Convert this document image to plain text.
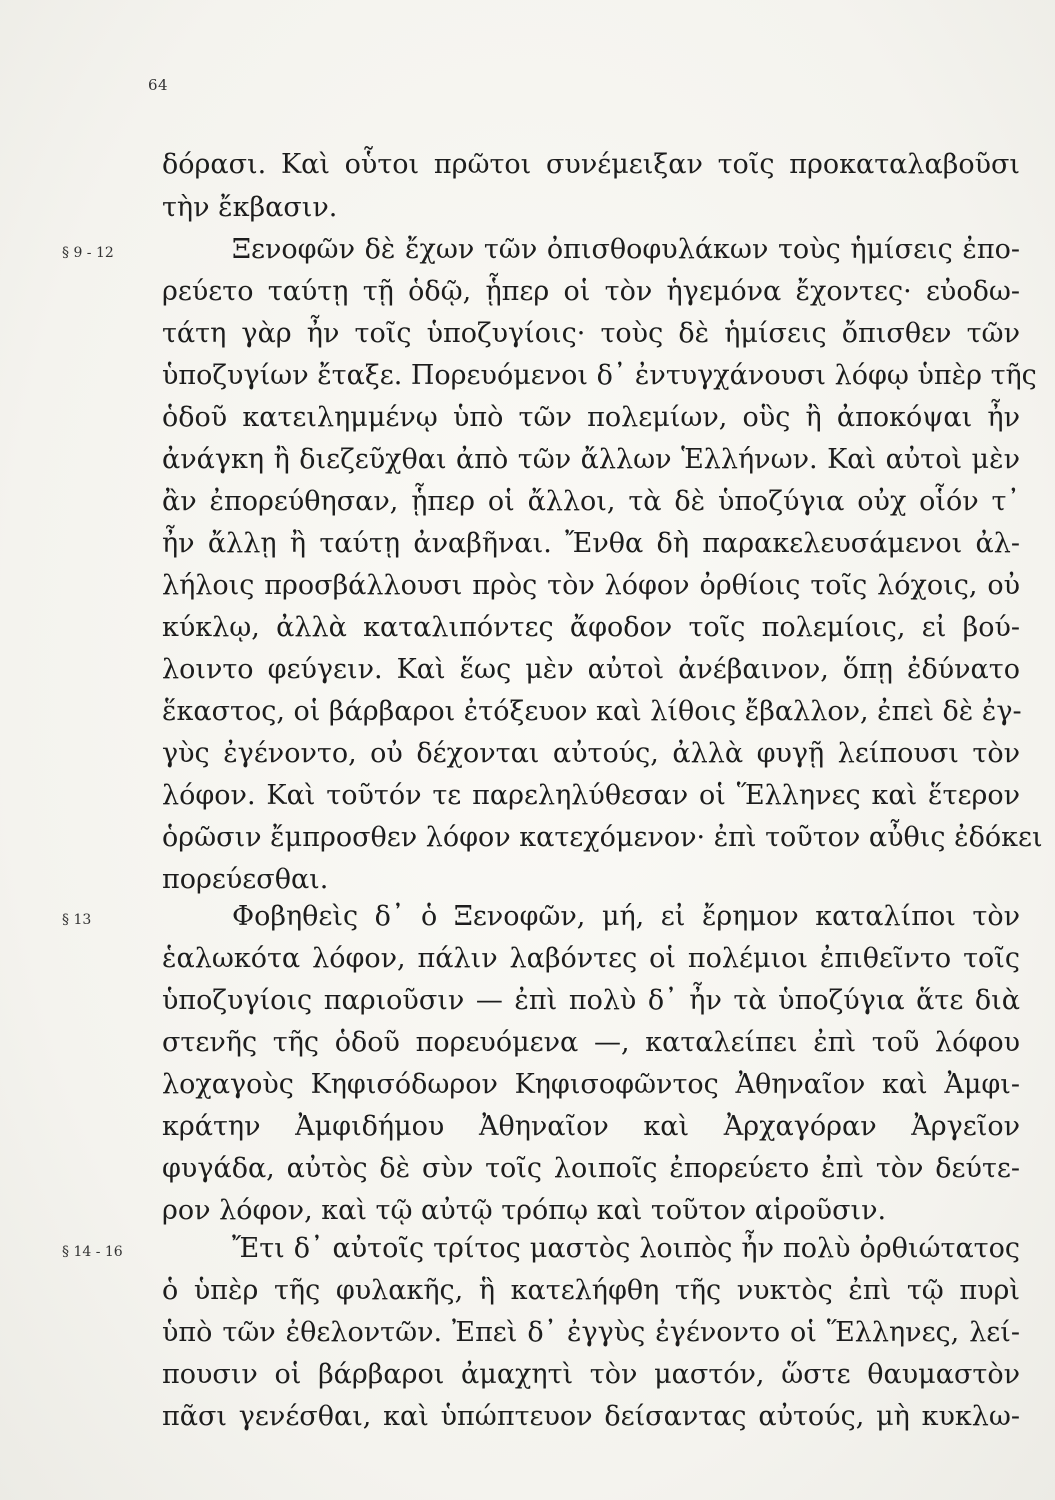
64
§ 9 - 12
§ 13
§ 14 - 16
δόρασι. Καὶ οὗτοι πρῶτοι συνέμειξαν τοῖς προκαταλαβοῦσι
τὴν ἔκβασιν.
Ξενοφῶν δὲ ἔχων τῶν ὀπισθοφυλάκων τοὺς ἡμίσεις ἐπο-
ρεύετο ταύτῃ τῇ ὁδῷ, ᾗπερ οἱ τὸν ἡγεμόνα ἔχοντες· εὐοδω-
τάτη γὰρ ἦν τοῖς ὑποζυγίοις· τοὺς δὲ ἡμίσεις ὄπισθεν τῶν
ὑποζυγίων ἔταξε. Πορευόμενοι δ᾽ ἐντυγχάνουσι λόφῳ ὑπὲρ τῆς
ὁδοῦ κατειλημμένῳ ὑπὸ τῶν πολεμίων, οὓς ἢ ἀποκόψαι ἦν
ἀνάγκη ἢ διεζεῦχθαι ἀπὸ τῶν ἄλλων Ἑλλήνων. Καὶ αὐτοὶ μὲν
ἂν ἐπορεύθησαν, ᾗπερ οἱ ἄλλοι, τὰ δὲ ὑποζύγια οὐχ οἷόν τ᾽
ἦν ἄλλῃ ἢ ταύτῃ ἀναβῆναι. Ἔνθα δὴ παρακελευσάμενοι ἀλ-
λήλοις προσβάλλουσι πρὸς τὸν λόφον ὀρθίοις τοῖς λόχοις, οὐ
κύκλῳ, ἀλλὰ καταλιπόντες ἄφοδον τοῖς πολεμίοις, εἰ βού-
λοιντο φεύγειν. Καὶ ἕως μὲν αὐτοὶ ἀνέβαινον, ὅπῃ ἐδύνατο
ἕκαστος, οἱ βάρβαροι ἐτόξευον καὶ λίθοις ἔβαλλον, ἐπεὶ δὲ ἐγ-
γὺς ἐγένοντο, οὐ δέχονται αὐτούς, ἀλλὰ φυγῇ λείπουσι τὸν
λόφον. Καὶ τοῦτόν τε παρεληλύθεσαν οἱ Ἕλληνες καὶ ἕτερον
ὁρῶσιν ἔμπροσθεν λόφον κατεχόμενον· ἐπὶ τοῦτον αὖθις ἐδόκει
πορεύεσθαι.
Φοβηθεὶς δ᾽ ὁ Ξενοφῶν, μή, εἰ ἔρημον καταλίποι τὸν
ἑαλωκότα λόφον, πάλιν λαβόντες οἱ πολέμιοι ἐπιθεῖντο τοῖς
ὑποζυγίοις παριοῦσιν — ἐπὶ πολὺ δ᾽ ἦν τὰ ὑποζύγια ἅτε διὰ
στενῆς τῆς ὁδοῦ πορευόμενα —, καταλείπει ἐπὶ τοῦ λόφου
λοχαγοὺς Κηφισόδωρον Κηφισοφῶντος Ἀθηναῖον καὶ Ἀμφι-
κράτην Ἀμφιδήμου Ἀθηναῖον καὶ Ἀρχαγόραν Ἀργεῖον
φυγάδα, αὐτὸς δὲ σὺν τοῖς λοιποῖς ἐπορεύετο ἐπὶ τὸν δεύτε-
ρον λόφον, καὶ τῷ αὐτῷ τρόπῳ καὶ τοῦτον αἱροῦσιν.
Ἔτι δ᾽ αὐτοῖς τρίτος μαστὸς λοιπὸς ἦν πολὺ ὀρθιώτατος
ὁ ὑπὲρ τῆς φυλακῆς, ἣ κατελήφθη τῆς νυκτὸς ἐπὶ τῷ πυρὶ
ὑπὸ τῶν ἐθελοντῶν. Ἐπεὶ δ᾽ ἐγγὺς ἐγένοντο οἱ Ἕλληνες, λεί-
πουσιν οἱ βάρβαροι ἀμαχητὶ τὸν μαστόν, ὥστε θαυμαστὸν
πᾶσι γενέσθαι, καὶ ὑπώπτευον δείσαντας αὐτούς, μὴ κυκλω-
